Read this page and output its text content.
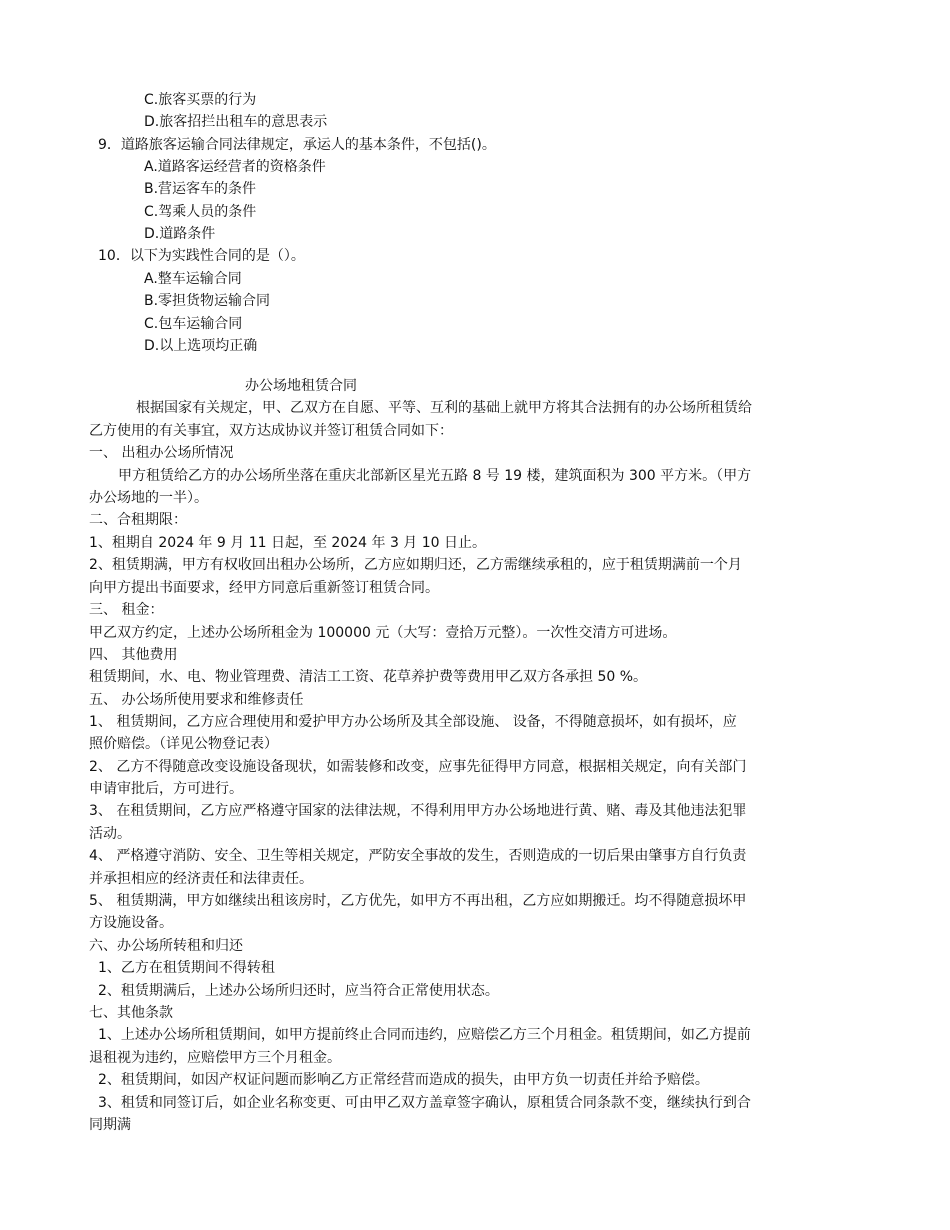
C.旅客买票的行为
D.旅客招拦出租车的意思表示
9．道路旅客运输合同法律规定，承运人的基本条件，不包括()。
A.道路客运经营者的资格条件
B.营运客车的条件
C.驾乘人员的条件
D.道路条件
10．以下为实践性合同的是（）。
A.整车运输合同
B.零担货物运输合同
C.包车运输合同
D.以上选项均正确
办公场地租赁合同
根据国家有关规定，甲、乙双方在自愿、平等、互利的基础上就甲方将其合法拥有的办公场所租赁给
乙方使用的有关事宜，双方达成协议并签订租赁合同如下：
一、 出租办公场所情况
甲方租赁给乙方的办公场所坐落在重庆北部新区星光五路 8 号 19 楼，建筑面积为 300 平方米。（甲方
办公场地的一半）。
二、合租期限：
1、租期自 2024 年 9 月 11 日起，至 2024 年 3 月 10 日止。
2、租赁期满，甲方有权收回出租办公场所，乙方应如期归还，乙方需继续承租的，应于租赁期满前一个月
向甲方提出书面要求，经甲方同意后重新签订租赁合同。
三、 租金：
甲乙双方约定，上述办公场所租金为 100000 元（大写：壹拾万元整）。一次性交清方可进场。
四、 其他费用
租赁期间，水、电、物业管理费、清洁工工资、花草养护费等费用甲乙双方各承担 50 %。
五、 办公场所使用要求和维修责任
1、 租赁期间，乙方应合理使用和爱护甲方办公场所及其全部设施、 设备，不得随意损坏，如有损坏，应
照价赔偿。（详见公物登记表）
2、 乙方不得随意改变设施设备现状，如需装修和改变，应事先征得甲方同意，根据相关规定，向有关部门
申请审批后，方可进行。
3、 在租赁期间，乙方应严格遵守国家的法律法规，不得利用甲方办公场地进行黄、赌、毒及其他违法犯罪
活动。
4、 严格遵守消防、安全、卫生等相关规定，严防安全事故的发生，否则造成的一切后果由肇事方自行负责
并承担相应的经济责任和法律责任。
5、 租赁期满，甲方如继续出租该房时，乙方优先，如甲方不再出租，乙方应如期搬迁。均不得随意损坏甲
方设施设备。
六、办公场所转租和归还
1、乙方在租赁期间不得转租
2、租赁期满后，上述办公场所归还时，应当符合正常使用状态。
七、其他条款
1、上述办公场所租赁期间，如甲方提前终止合同而违约，应赔偿乙方三个月租金。租赁期间，如乙方提前
退租视为违约，应赔偿甲方三个月租金。
2、租赁期间，如因产权证问题而影响乙方正常经营而造成的损失，由甲方负一切责任并给予赔偿。
3、租赁和同签订后，如企业名称变更、可由甲乙双方盖章签字确认，原租赁合同条款不变，继续执行到合
同期满
